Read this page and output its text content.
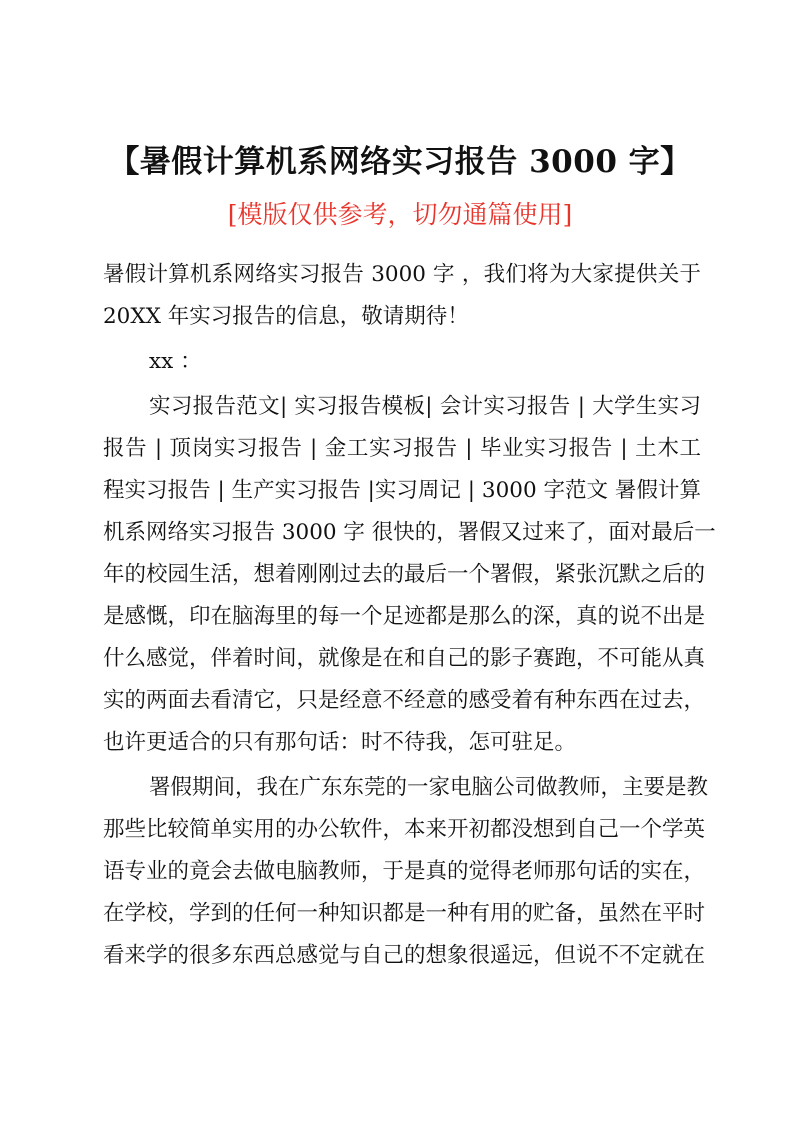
【暑假计算机系网络实习报告 3000 字】
[模版仅供参考，切勿通篇使用]
暑假计算机系网络实习报告 3000 字 ，我们将为大家提供关于
20XX 年实习报告的信息，敬请期待！
xx ：
实习报告范文| 实习报告模板| 会计实习报告 | 大学生实习
报告 | 顶岗实习报告 | 金工实习报告 | 毕业实习报告 | 土木工
程实习报告 | 生产实习报告 |实习周记 | 3000 字范文 暑假计算
机系网络实习报告 3000 字 很快的，署假又过来了，面对最后一
年的校园生活，想着刚刚过去的最后一个署假，紧张沉默之后的
是感慨，印在脑海里的每一个足迹都是那么的深，真的说不出是
什么感觉，伴着时间，就像是在和自己的影子赛跑，不可能从真
实的两面去看清它，只是经意不经意的感受着有种东西在过去，
也许更适合的只有那句话：时不待我，怎可驻足。
署假期间，我在广东东莞的一家电脑公司做教师，主要是教
那些比较简单实用的办公软件，本来开初都没想到自己一个学英
语专业的竟会去做电脑教师，于是真的觉得老师那句话的实在，
在学校，学到的任何一种知识都是一种有用的贮备，虽然在平时
看来学的很多东西总感觉与自己的想象很遥远，但说不不定就在
